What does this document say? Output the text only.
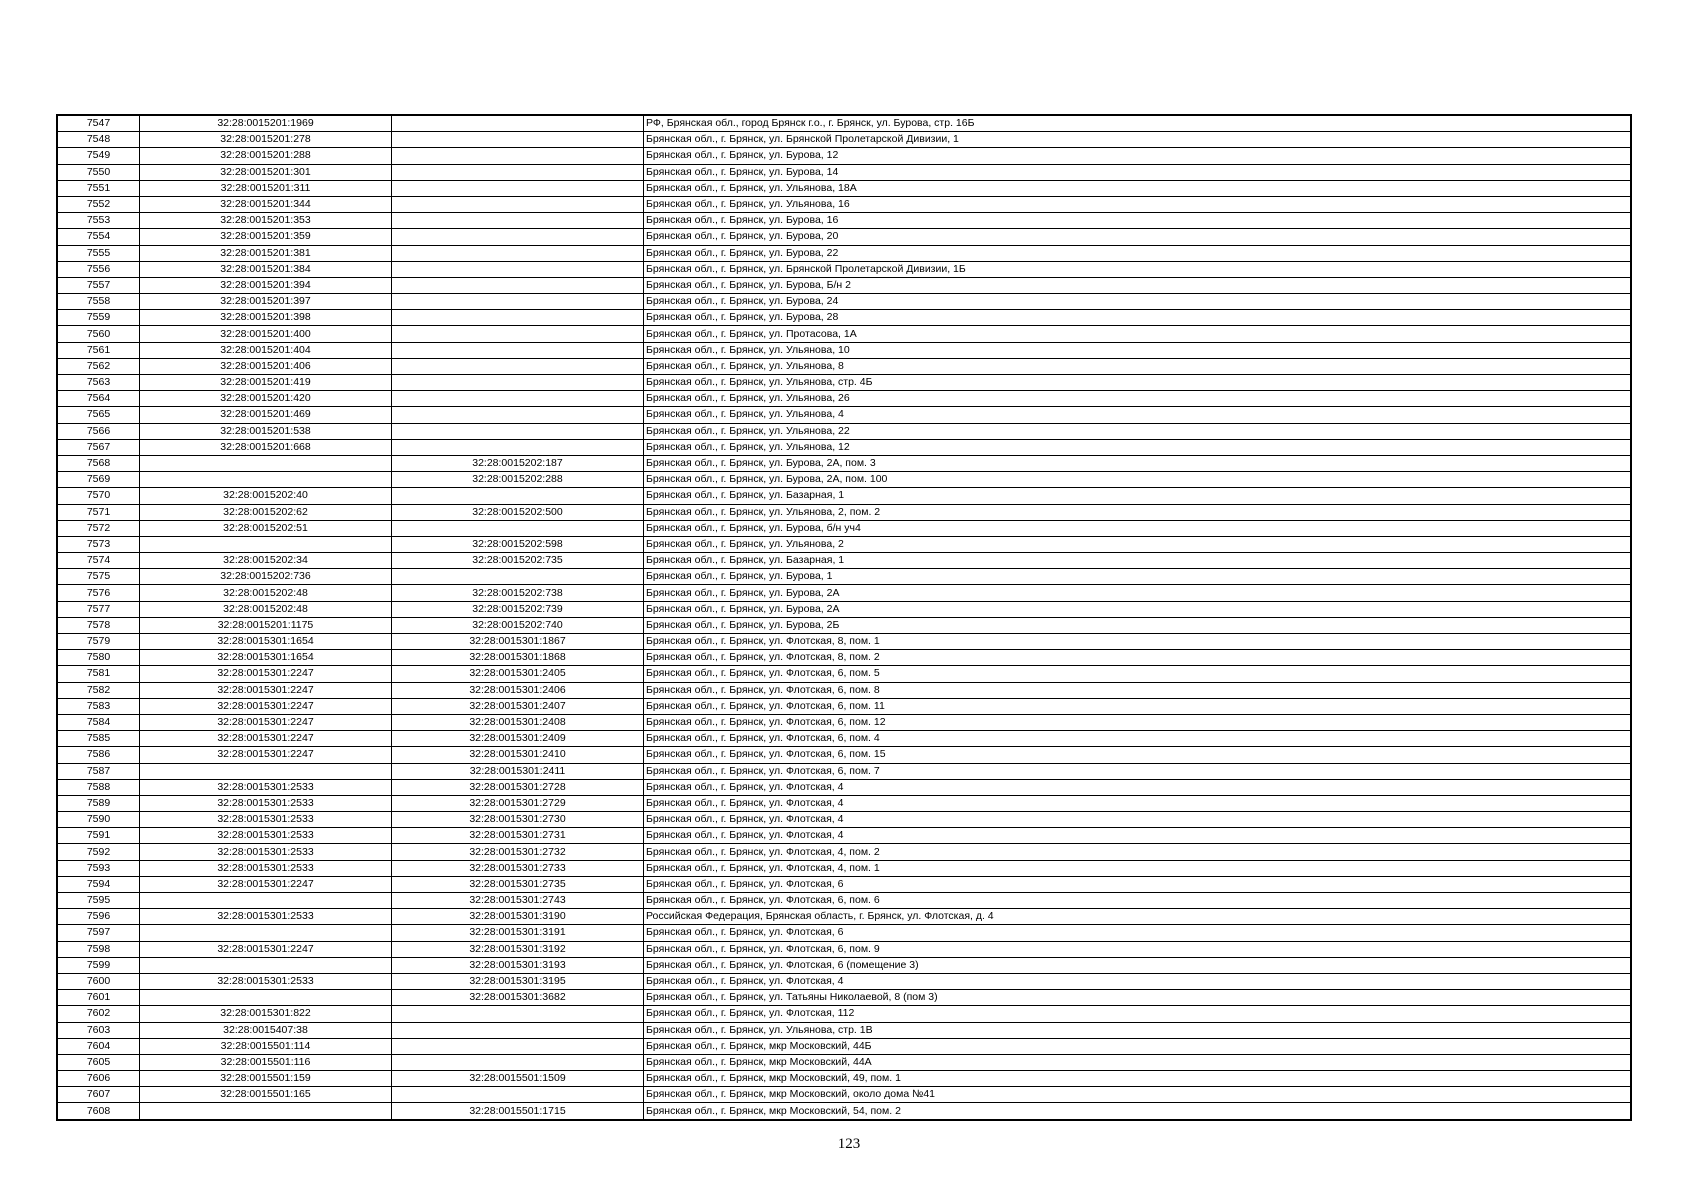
7547	32:28:0015201:1969		РФ, Брянская обл., город Брянск г.о., г. Брянск, ул. Бурова, стр. 16Б
7548	32:28:0015201:278		Брянская обл., г. Брянск, ул. Брянской Пролетарской Дивизии, 1
7549	32:28:0015201:288		Брянская обл., г. Брянск, ул. Бурова, 12
7550	32:28:0015201:301		Брянская обл., г. Брянск, ул. Бурова, 14
7551	32:28:0015201:311		Брянская обл., г. Брянск, ул. Ульянова, 18А
7552	32:28:0015201:344		Брянская обл., г. Брянск, ул. Ульянова, 16
7553	32:28:0015201:353		Брянская обл., г. Брянск, ул. Бурова, 16
7554	32:28:0015201:359		Брянская обл., г. Брянск, ул. Бурова, 20
7555	32:28:0015201:381		Брянская обл., г. Брянск, ул. Бурова, 22
7556	32:28:0015201:384		Брянская обл., г. Брянск, ул. Брянской Пролетарской Дивизии, 1Б
7557	32:28:0015201:394		Брянская обл., г. Брянск, ул. Бурова, Б/н 2
7558	32:28:0015201:397		Брянская обл., г. Брянск, ул. Бурова, 24
7559	32:28:0015201:398		Брянская обл., г. Брянск, ул. Бурова, 28
7560	32:28:0015201:400		Брянская обл., г. Брянск, ул. Протасова, 1А
7561	32:28:0015201:404		Брянская обл., г. Брянск, ул. Ульянова, 10
7562	32:28:0015201:406		Брянская обл., г. Брянск, ул. Ульянова, 8
7563	32:28:0015201:419		Брянская обл., г. Брянск, ул. Ульянова, стр. 4Б
7564	32:28:0015201:420		Брянская обл., г. Брянск, ул. Ульянова, 26
7565	32:28:0015201:469		Брянская обл., г. Брянск, ул. Ульянова, 4
7566	32:28:0015201:538		Брянская обл., г. Брянск, ул. Ульянова, 22
7567	32:28:0015201:668		Брянская обл., г. Брянск, ул. Ульянова, 12
7568		32:28:0015202:187	Брянская обл., г. Брянск, ул. Бурова, 2А, пом. 3
7569		32:28:0015202:288	Брянская обл., г. Брянск, ул. Бурова, 2А, пом. 100
7570	32:28:0015202:40		Брянская обл., г. Брянск, ул. Базарная, 1
7571	32:28:0015202:62	32:28:0015202:500	Брянская обл., г. Брянск, ул. Ульянова, 2, пом. 2
7572	32:28:0015202:51		Брянская обл., г. Брянск, ул. Бурова, б/н уч4
7573		32:28:0015202:598	Брянская обл., г. Брянск, ул. Ульянова, 2
7574	32:28:0015202:34	32:28:0015202:735	Брянская обл., г. Брянск, ул. Базарная, 1
7575	32:28:0015202:736		Брянская обл., г. Брянск, ул. Бурова, 1
7576	32:28:0015202:48	32:28:0015202:738	Брянская обл., г. Брянск, ул. Бурова, 2А
7577	32:28:0015202:48	32:28:0015202:739	Брянская обл., г. Брянск, ул. Бурова, 2А
7578	32:28:0015201:1175	32:28:0015202:740	Брянская обл., г. Брянск, ул. Бурова, 2Б
7579	32:28:0015301:1654	32:28:0015301:1867	Брянская обл., г. Брянск, ул. Флотская, 8, пом. 1
7580	32:28:0015301:1654	32:28:0015301:1868	Брянская обл., г. Брянск, ул. Флотская, 8, пом. 2
7581	32:28:0015301:2247	32:28:0015301:2405	Брянская обл., г. Брянск, ул. Флотская, 6, пом. 5
7582	32:28:0015301:2247	32:28:0015301:2406	Брянская обл., г. Брянск, ул. Флотская, 6, пом. 8
7583	32:28:0015301:2247	32:28:0015301:2407	Брянская обл., г. Брянск, ул. Флотская, 6, пом. 11
7584	32:28:0015301:2247	32:28:0015301:2408	Брянская обл., г. Брянск, ул. Флотская, 6, пом. 12
7585	32:28:0015301:2247	32:28:0015301:2409	Брянская обл., г. Брянск, ул. Флотская, 6, пом. 4
7586	32:28:0015301:2247	32:28:0015301:2410	Брянская обл., г. Брянск, ул. Флотская, 6, пом. 15
7587		32:28:0015301:2411	Брянская обл., г. Брянск, ул. Флотская, 6, пом. 7
7588	32:28:0015301:2533	32:28:0015301:2728	Брянская обл., г. Брянск, ул. Флотская, 4
7589	32:28:0015301:2533	32:28:0015301:2729	Брянская обл., г. Брянск, ул. Флотская, 4
7590	32:28:0015301:2533	32:28:0015301:2730	Брянская обл., г. Брянск, ул. Флотская, 4
7591	32:28:0015301:2533	32:28:0015301:2731	Брянская обл., г. Брянск, ул. Флотская, 4
7592	32:28:0015301:2533	32:28:0015301:2732	Брянская обл., г. Брянск, ул. Флотская, 4, пом. 2
7593	32:28:0015301:2533	32:28:0015301:2733	Брянская обл., г. Брянск, ул. Флотская, 4, пом. 1
7594	32:28:0015301:2247	32:28:0015301:2735	Брянская обл., г. Брянск, ул. Флотская, 6
7595		32:28:0015301:2743	Брянская обл., г. Брянск, ул. Флотская, 6, пом. 6
7596	32:28:0015301:2533	32:28:0015301:3190	Российская Федерация, Брянская область, г. Брянск, ул. Флотская, д. 4
7597		32:28:0015301:3191	Брянская обл., г. Брянск, ул. Флотская, 6
7598	32:28:0015301:2247	32:28:0015301:3192	Брянская обл., г. Брянск, ул. Флотская, 6, пом. 9
7599		32:28:0015301:3193	Брянская обл., г. Брянск, ул. Флотская, 6 (помещение 3)
7600	32:28:0015301:2533	32:28:0015301:3195	Брянская обл., г. Брянск, ул. Флотская, 4
7601		32:28:0015301:3682	Брянская обл., г. Брянск, ул. Татьяны Николаевой, 8 (пом 3)
7602	32:28:0015301:822		Брянская обл., г. Брянск, ул. Флотская, 112
7603	32:28:0015407:38		Брянская обл., г. Брянск, ул. Ульянова, стр. 1В
7604	32:28:0015501:114		Брянская обл., г. Брянск, мкр Московский, 44Б
7605	32:28:0015501:116		Брянская обл., г. Брянск, мкр Московский, 44А
7606	32:28:0015501:159	32:28:0015501:1509	Брянская обл., г. Брянск, мкр Московский, 49, пом. 1
7607	32:28:0015501:165		Брянская обл., г. Брянск, мкр Московский, около дома №41
7608		32:28:0015501:1715	Брянская обл., г. Брянск, мкр Московский, 54, пом. 2
123
